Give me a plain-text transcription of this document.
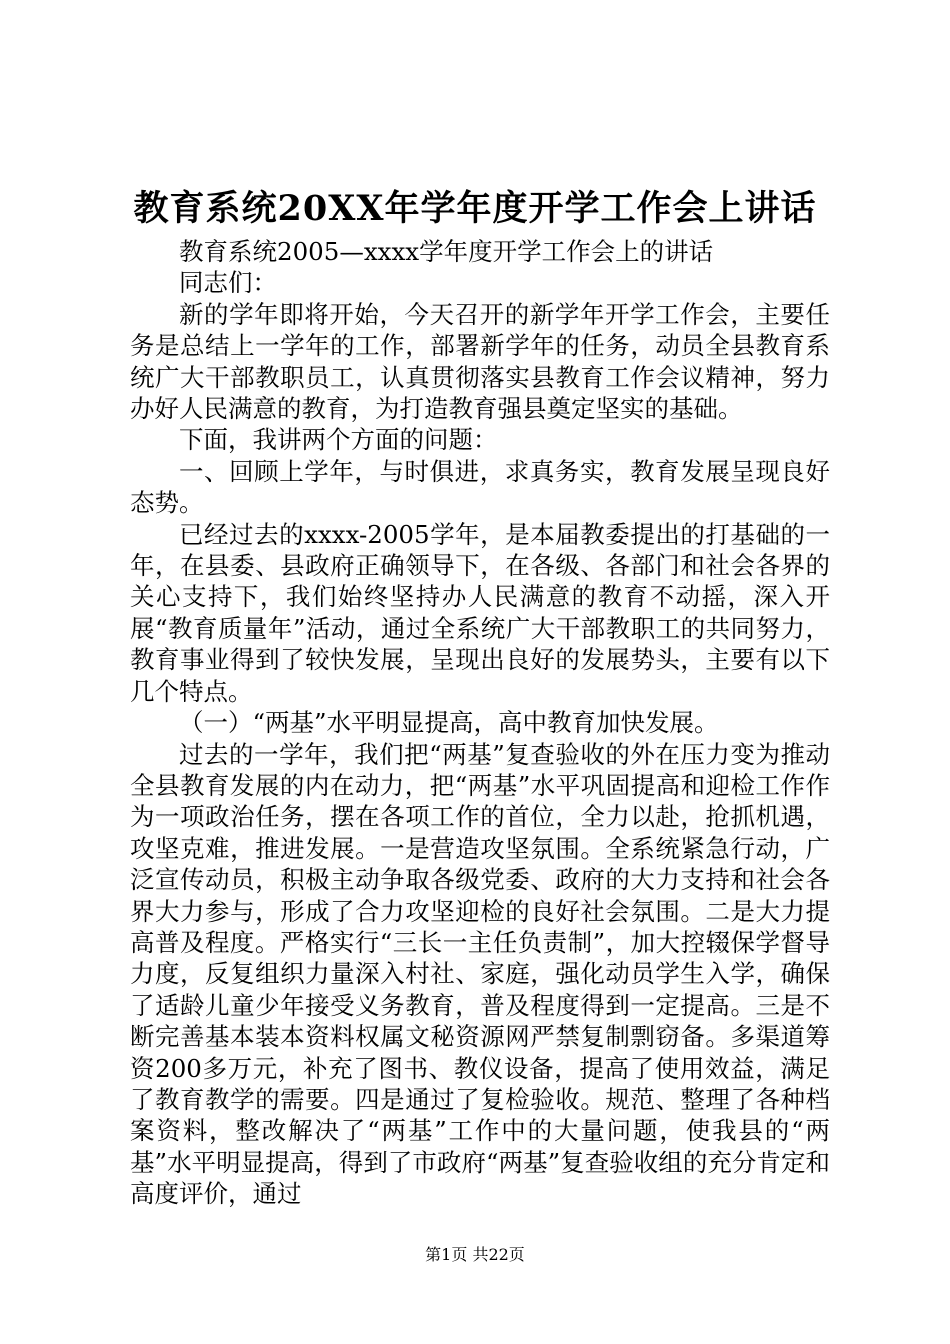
教育系统20XX年学年度开学工作会上讲话

教育系统2005—xxxx学年度开学工作会上的讲话

同志们：

新的学年即将开始，今天召开的新学年开学工作会，主要任务是总结上一学年的工作，部署新学年的任务，动员全县教育系统广大干部教职员工，认真贯彻落实县教育工作会议精神，努力办好人民满意的教育，为打造教育强县奠定坚实的基础。

下面，我讲两个方面的问题：

一、回顾上学年，与时俱进，求真务实，教育发展呈现良好态势。

已经过去的xxxx-2005学年，是本届教委提出的打基础的一年，在县委、县政府正确领导下，在各级、各部门和社会各界的关心支持下，我们始终坚持办人民满意的教育不动摇，深入开展“教育质量年”活动，通过全系统广大干部教职工的共同努力，教育事业得到了较快发展，呈现出良好的发展势头，主要有以下几个特点。

（一）“两基”水平明显提高，高中教育加快发展。

过去的一学年，我们把“两基”复查验收的外在压力变为推动全县教育发展的内在动力，把“两基”水平巩固提高和迎检工作作为一项政治任务，摆在各项工作的首位，全力以赴，抢抓机遇，攻坚克难，推进发展。一是营造攻坚氛围。全系统紧急行动，广泛宣传动员，积极主动争取各级党委、政府的大力支持和社会各界大力参与，形成了合力攻坚迎检的良好社会氛围。二是大力提高普及程度。严格实行“三长一主任负责制”，加大控辍保学督导力度，反复组织力量深入村社、家庭，强化动员学生入学，确保了适龄儿童少年接受义务教育，普及程度得到一定提高。三是不断完善基本装本资料权属文秘资源网严禁复制剽窃备。多渠道筹资200多万元，补充了图书、教仪设备，提高了使用效益，满足了教育教学的需要。四是通过了复检验收。规范、整理了各种档案资料，整改解决了“两基”工作中的大量问题，使我县的“两基”水平明显提高，得到了市政府“两基”复查验收组的充分肯定和高度评价，通过

第1页 共22页
